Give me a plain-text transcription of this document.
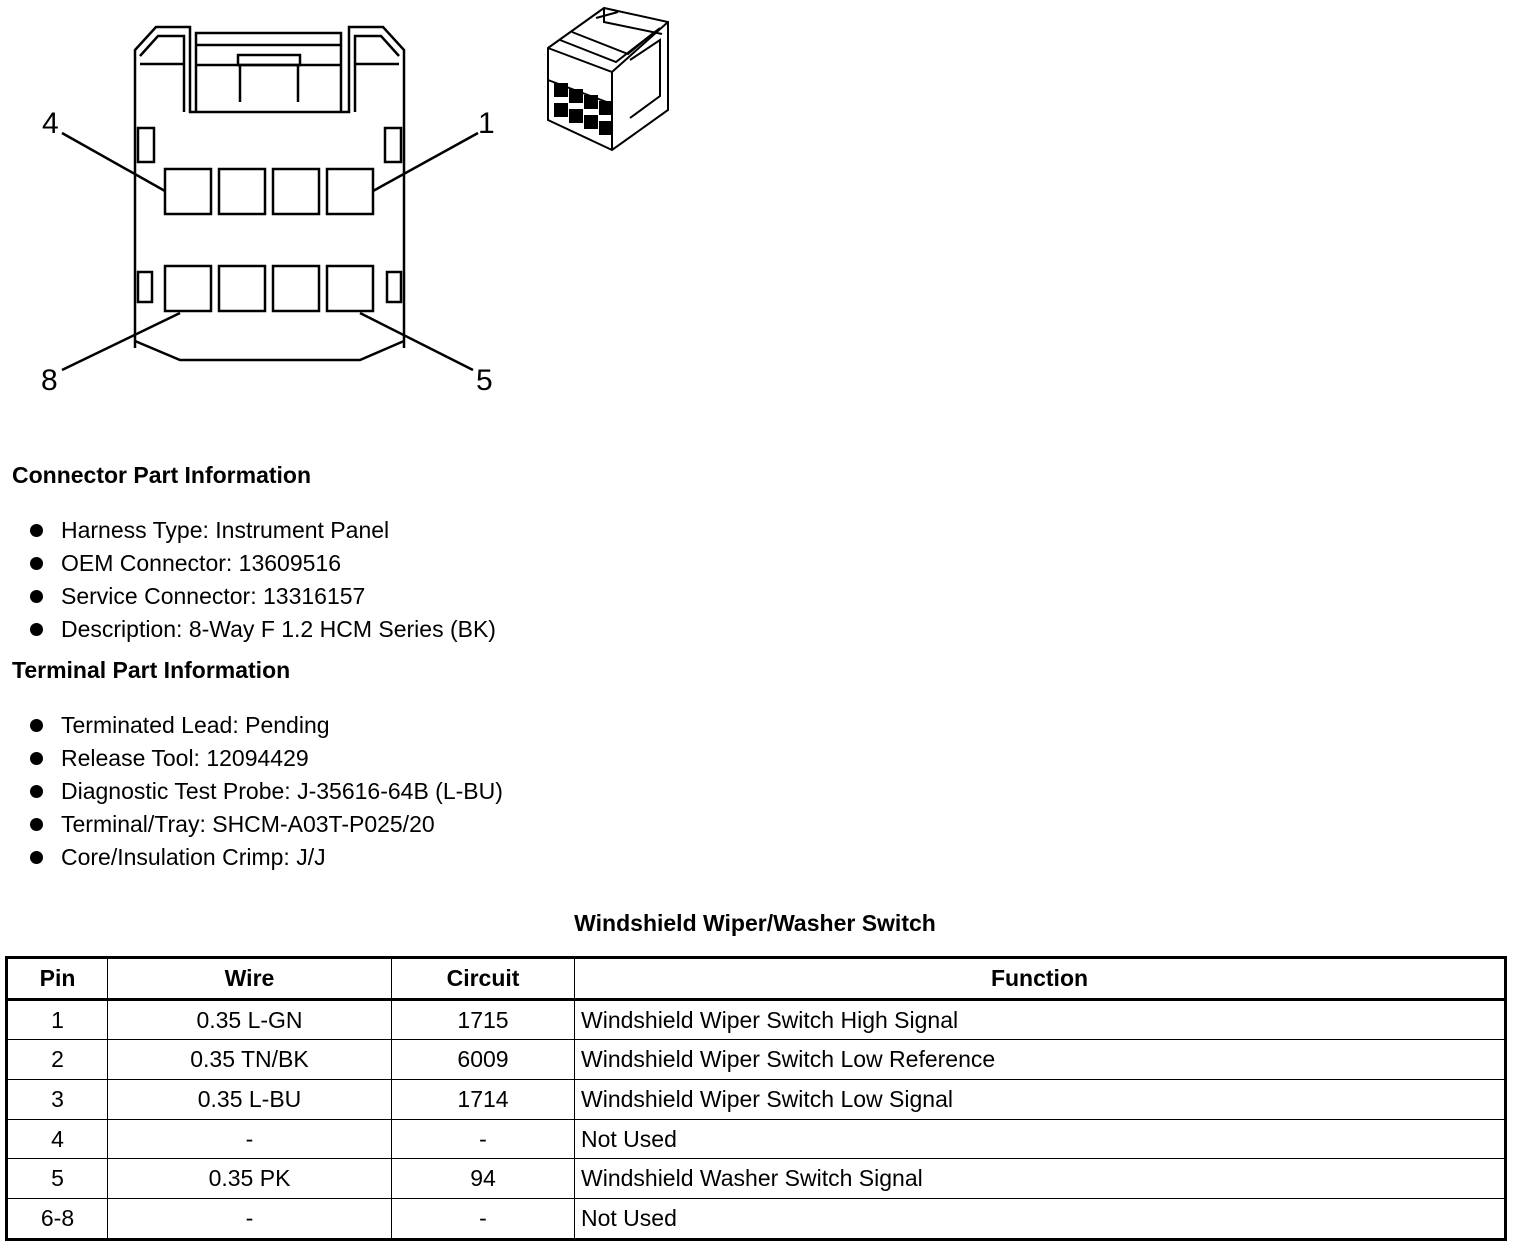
4	1
8	5
Connector Part Information
Harness Type: Instrument Panel
OEM Connector: 13609516
Service Connector: 13316157
Description: 8-Way F 1.2 HCM Series (BK)
Terminal Part Information
Terminated Lead: Pending
Release Tool: 12094429
Diagnostic Test Probe: J-35616-64B (L-BU)
Terminal/Tray: SHCM-A03T-P025/20
Core/Insulation Crimp: J/J
Windshield Wiper/Washer Switch
Pin	Wire	Circuit	Function
1	0.35 L-GN	1715	Windshield Wiper Switch High Signal
2	0.35 TN/BK	6009	Windshield Wiper Switch Low Reference
3	0.35 L-BU	1714	Windshield Wiper Switch Low Signal
4	-	-	Not Used
5	0.35 PK	94	Windshield Washer Switch Signal
6-8	-	-	Not Used
